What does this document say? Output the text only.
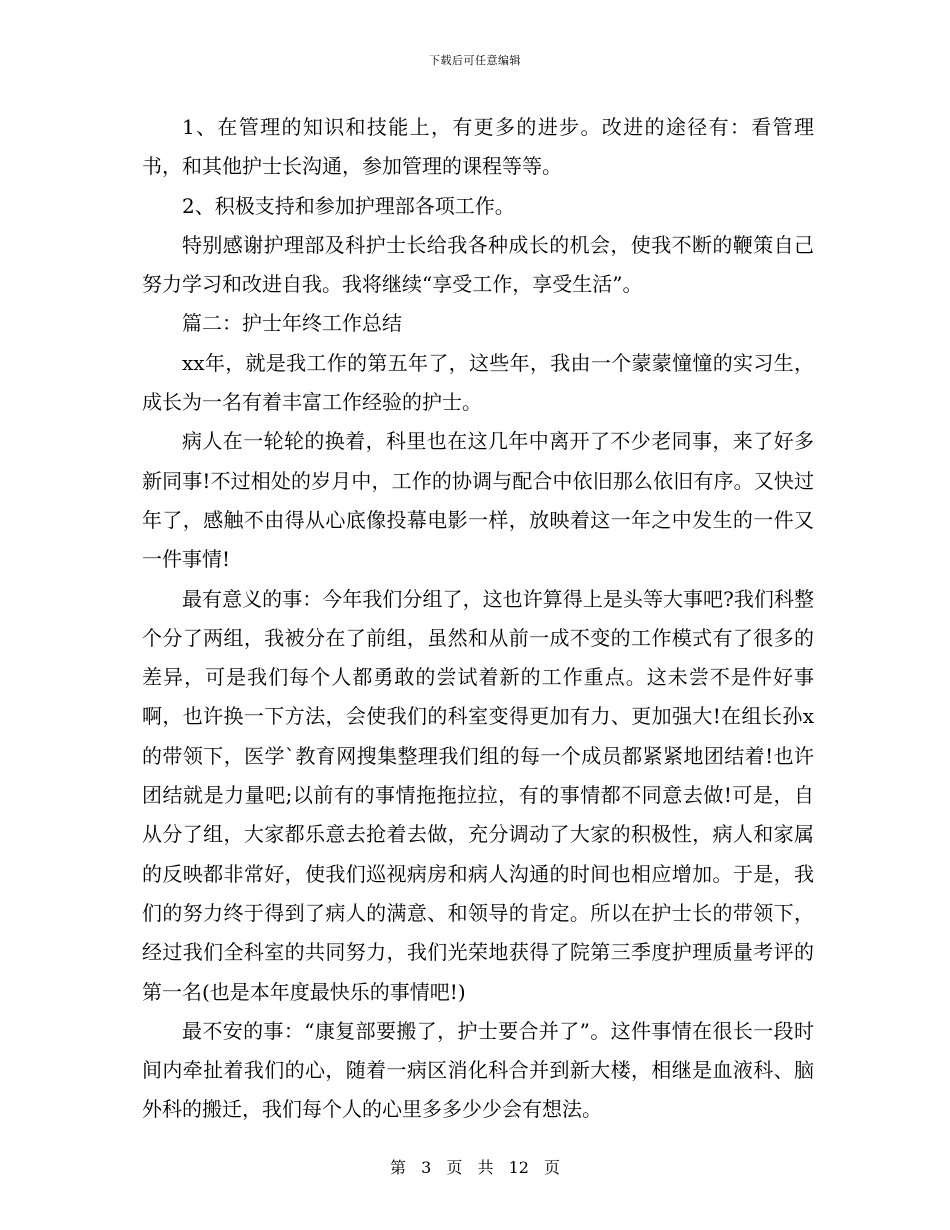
下载后可任意编辑

1、在管理的知识和技能上，有更多的进步。改进的途径有：看管理书，和其他护士长沟通，参加管理的课程等等。

2、积极支持和参加护理部各项工作。

特别感谢护理部及科护士长给我各种成长的机会，使我不断的鞭策自己努力学习和改进自我。我将继续“享受工作，享受生活”。

篇二：护士年终工作总结

xx年，就是我工作的第五年了，这些年，我由一个蒙蒙憧憧的实习生，成长为一名有着丰富工作经验的护士。

病人在一轮轮的换着，科里也在这几年中离开了不少老同事，来了好多新同事!不过相处的岁月中，工作的协调与配合中依旧那么依旧有序。又快过年了，感触不由得从心底像投幕电影一样，放映着这一年之中发生的一件又一件事情!

最有意义的事：今年我们分组了，这也许算得上是头等大事吧?我们科整个分了两组，我被分在了前组，虽然和从前一成不变的工作模式有了很多的差异，可是我们每个人都勇敢的尝试着新的工作重点。这未尝不是件好事啊，也许换一下方法，会使我们的科室变得更加有力、更加强大!在组长孙x的带领下，医学`教育网搜集整理我们组的每一个成员都紧紧地团结着!也许团结就是力量吧;以前有的事情拖拖拉拉，有的事情都不同意去做!可是，自从分了组，大家都乐意去抢着去做，充分调动了大家的积极性，病人和家属的反映都非常好，使我们巡视病房和病人沟通的时间也相应增加。于是，我们的努力终于得到了病人的满意、和领导的肯定。所以在护士长的带领下，经过我们全科室的共同努力，我们光荣地获得了院第三季度护理质量考评的第一名(也是本年度最快乐的事情吧!)

最不安的事：“康复部要搬了，护士要合并了”。这件事情在很长一段时间内牵扯着我们的心，随着一病区消化科合并到新大楼，相继是血液科、脑外科的搬迁，我们每个人的心里多多少少会有想法。

第 3 页 共 12 页
